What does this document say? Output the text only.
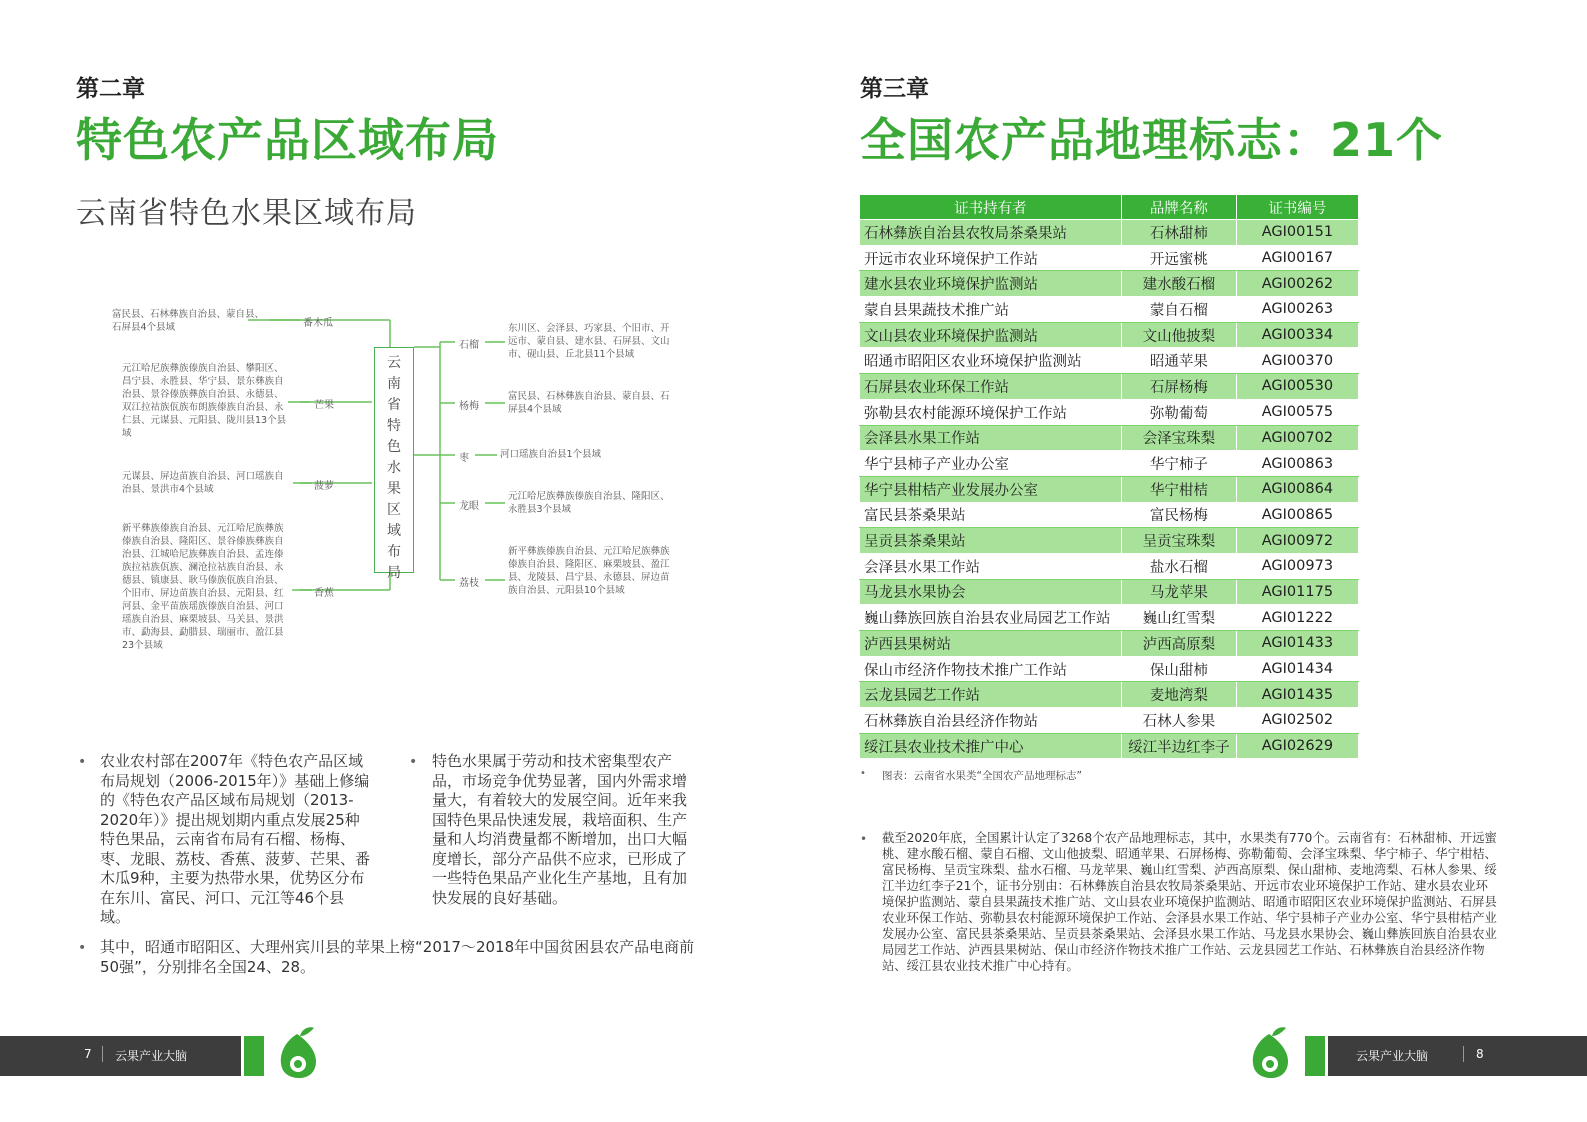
第二章
特色农产品区域布局
云南省特色水果区域布局
云
南
省
特
色
水
果
区
域
布
局
富民县、石林彝族自治县、蒙自县、石屏县4个县域	番木瓜
元江哈尼族彝族傣族自治县、攀阳区、昌宁县、永胜县、华宁县、景东彝族自治县、景谷傣族彝族自治县、永德县、双江拉祜族佤族布朗族傣族自治县、永仁县、元谋县、元阳县、陇川县13个县域
芒果
元谋县、屏边苗族自治县、河口瑶族自治县、景洪市4个县域	菠萝
新平彝族傣族自治县、元江哈尼族彝族傣族自治县、隆阳区、景谷傣族彝族自治县、江城哈尼族彝族自治县、孟连傣族拉祜族佤族、澜沧拉祜族自治县、永德县、镇康县、耿马傣族佤族自治县、个旧市、屏边苗族自治县、元阳县、红河县、金平苗族瑶族傣族自治县、河口瑶族自治县、麻栗坡县、马关县、景洪市、勐海县、勐腊县、瑞丽市、盈江县23个县域
香蕉
石榴
东川区、会泽县、巧家县、个旧市、开远市、蒙自县、建水县、石屏县、文山市、砚山县、丘北县11个县域
杨梅
富民县、石林彝族自治县、蒙自县、石屏县4个县域
枣	河口瑶族自治县1个县域
龙眼
元江哈尼族彝族傣族自治县、隆阳区、永胜县3个县域
荔枝
新平彝族傣族自治县、元江哈尼族彝族傣族自治县、隆阳区、麻栗坡县、盈江县、龙陵县、昌宁县、永德县、屏边苗族自治县、元阳县10个县域
• 农业农村部在2007年《特色农产品区域布局规划（2006-2015年）》基础上修编的《特色农产品区域布局规划（2013-2020年）》提出规划期内重点发展25种特色果品，云南省布局有石榴、杨梅、枣、龙眼、荔枝、香蕉、菠萝、芒果、番木瓜9种，主要为热带水果，优势区分布在东川、富民、河口、元江等46个县域。
• 特色水果属于劳动和技术密集型农产品，市场竞争优势显著，国内外需求增量大，有着较大的发展空间。近年来我国特色果品快速发展，栽培面积、生产量和人均消费量都不断增加，出口大幅度增长，部分产品供不应求，已形成了一些特色果品产业化生产基地，且有加快发展的良好基础。
• 其中，昭通市昭阳区、大理州宾川县的苹果上榜“2017～2018年中国贫困县农产品电商前50强”，分别排名全国24、28。
7 云果产业大脑
第三章
全国农产品地理标志：21个
证书持有者	品牌名称	证书编号
石林彝族自治县农牧局茶桑果站	石林甜柿	AGI00151
开远市农业环境保护工作站	开远蜜桃	AGI00167
建水县农业环境保护监测站	建水酸石榴	AGI00262
蒙自县果蔬技术推广站	蒙自石榴	AGI00263
文山县农业环境保护监测站	文山他披梨	AGI00334
昭通市昭阳区农业环境保护监测站	昭通苹果	AGI00370
石屏县农业环保工作站	石屏杨梅	AGI00530
弥勒县农村能源环境保护工作站	弥勒葡萄	AGI00575
会泽县水果工作站	会泽宝珠梨	AGI00702
华宁县柿子产业办公室	华宁柿子	AGI00863
华宁县柑桔产业发展办公室	华宁柑桔	AGI00864
富民县茶桑果站	富民杨梅	AGI00865
呈贡县茶桑果站	呈贡宝珠梨	AGI00972
会泽县水果工作站	盐水石榴	AGI00973
马龙县水果协会	马龙苹果	AGI01175
巍山彝族回族自治县农业局园艺工作站	巍山红雪梨	AGI01222
泸西县果树站	泸西高原梨	AGI01433
保山市经济作物技术推广工作站	保山甜柿	AGI01434
云龙县园艺工作站	麦地湾梨	AGI01435
石林彝族自治县经济作物站	石林人参果	AGI02502
绥江县农业技术推广中心	绥江半边红李子	AGI02629
• 图表：云南省水果类“全国农产品地理标志”
• 截至2020年底，全国累计认定了3268个农产品地理标志，其中，水果类有770个。云南省有：石林甜柿、开远蜜桃、建水酸石榴、蒙自石榴、文山他披梨、昭通苹果、石屏杨梅、弥勒葡萄、会泽宝珠梨、华宁柿子、华宁柑桔、富民杨梅、呈贡宝珠梨、盐水石榴、马龙苹果、巍山红雪梨、泸西高原梨、保山甜柿、麦地湾梨、石林人参果、绥江半边红李子21个，证书分别由：石林彝族自治县农牧局茶桑果站、开远市农业环境保护工作站、建水县农业环境保护监测站、蒙自县果蔬技术推广站、文山县农业环境保护监测站、昭通市昭阳区农业环境保护监测站、石屏县农业环保工作站、弥勒县农村能源环境保护工作站、会泽县水果工作站、华宁县柿子产业办公室、华宁县柑桔产业发展办公室、富民县茶桑果站、呈贡县茶桑果站、会泽县水果工作站、马龙县水果协会、巍山彝族回族自治县农业局园艺工作站、泸西县果树站、保山市经济作物技术推广工作站、云龙县园艺工作站、石林彝族自治县经济作物站、绥江县农业技术推广中心持有。
云果产业大脑	8
